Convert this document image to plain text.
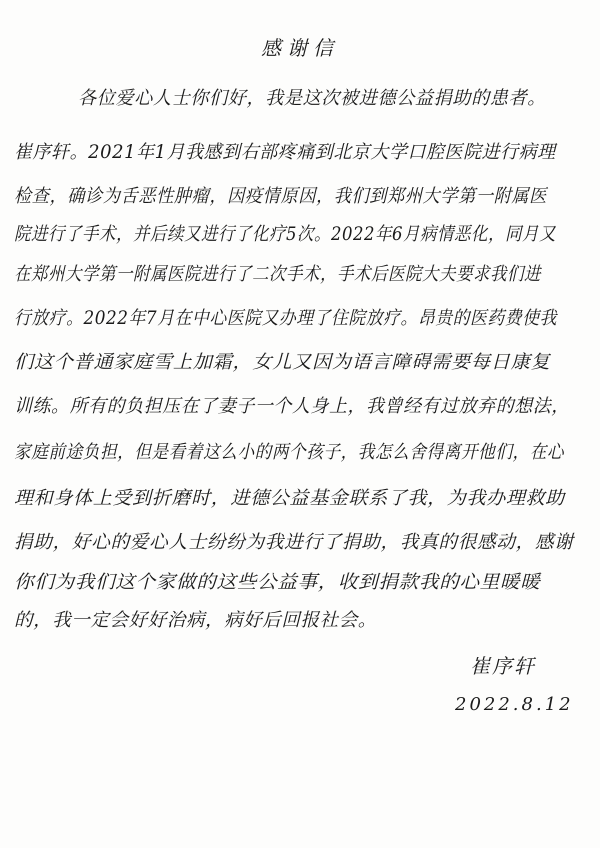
感谢信
各位爱心人士你们好，我是这次被进德公益捐助的患者。
崔序轩。2021年1月我感到右部疼痛到北京大学口腔医院进行病理
检查，确诊为舌恶性肿瘤，因疫情原因，我们到郑州大学第一附属医
院进行了手术，并后续又进行了化疗5次。2022年6月病情恶化，同月又
在郑州大学第一附属医院进行了二次手术，手术后医院大夫要求我们进
行放疗。2022年7月在中心医院又办理了住院放疗。昂贵的医药费使我
们这个普通家庭雪上加霜，女儿又因为语言障碍需要每日康复
训练。所有的负担压在了妻子一个人身上，我曾经有过放弃的想法，
家庭前途负担，但是看着这么小的两个孩子，我怎么舍得离开他们，在心
理和身体上受到折磨时，进德公益基金联系了我，为我办理救助
捐助，好心的爱心人士纷纷为我进行了捐助，我真的很感动，感谢
你们为我们这个家做的这些公益事，收到捐款我的心里暖暖
的，我一定会好好治病，病好后回报社会。
崔序轩
2022.8.12
